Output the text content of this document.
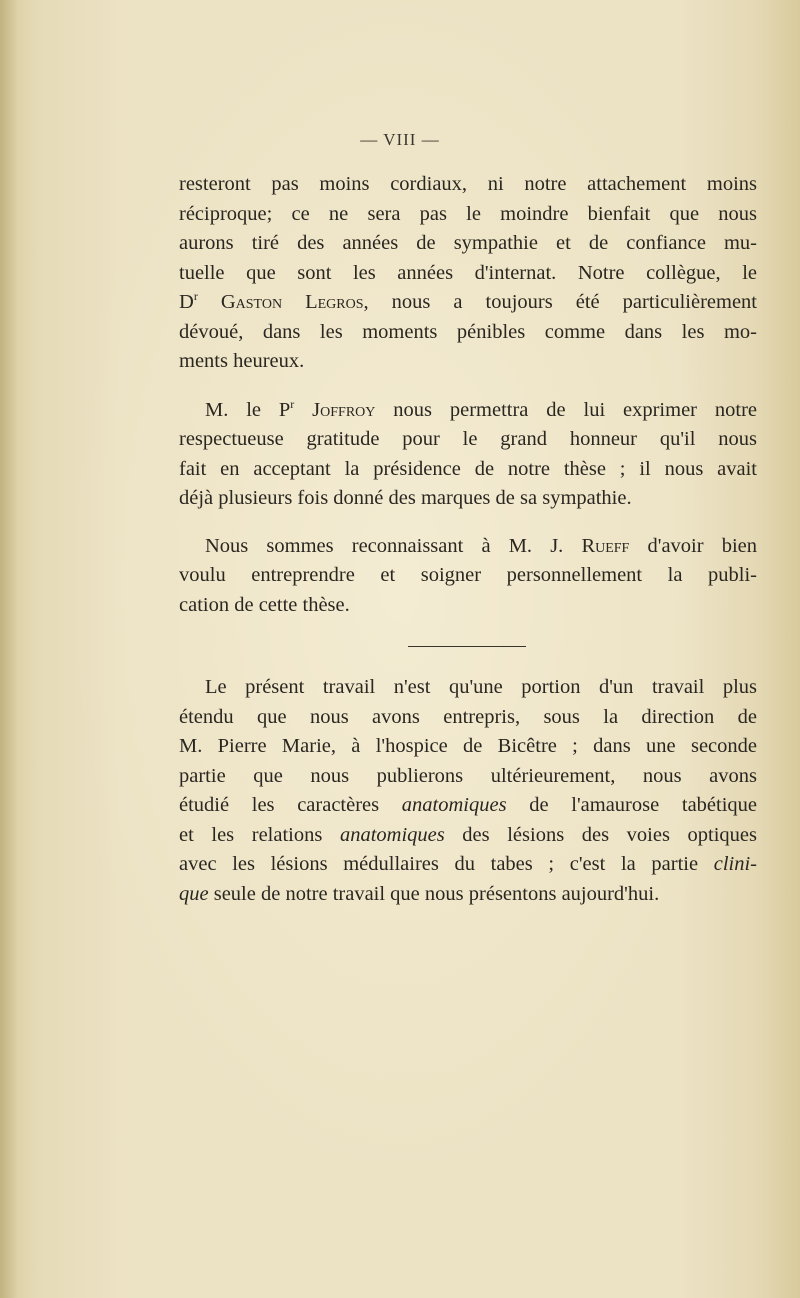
— VIII —

resteront pas moins cordiaux, ni notre attachement moins
réciproque; ce ne sera pas le moindre bienfait que nous
aurons tiré des années de sympathie et de confiance mu-
tuelle que sont les années d'internat. Notre collègue, le
$D^r$ Gaston Legros, nous a toujours été particulièrement
dévoué, dans les moments pénibles comme dans les mo-
ments heureux.

M. le $P^r$ Joffroy nous permettra de lui exprimer notre
respectueuse gratitude pour le grand honneur qu'il nous
fait en acceptant la présidence de notre thèse ; il nous avait
déjà plusieurs fois donné des marques de sa sympathie.

Nous sommes reconnaissant à M. J. Rueff d'avoir bien
voulu entreprendre et soigner personnellement la publi-
cation de cette thèse.

Le présent travail n'est qu'une portion d'un travail plus
étendu que nous avons entrepris, sous la direction de
M. Pierre Marie, à l'hospice de Bicêtre ; dans une seconde
partie que nous publierons ultérieurement, nous avons
étudié les caractères anatomiques de l'amaurose tabétique
et les relations anatomiques des lésions des voies optiques
avec les lésions médullaires du tabes ; c'est la partie clini-
que seule de notre travail que nous présentons aujourd'hui.
